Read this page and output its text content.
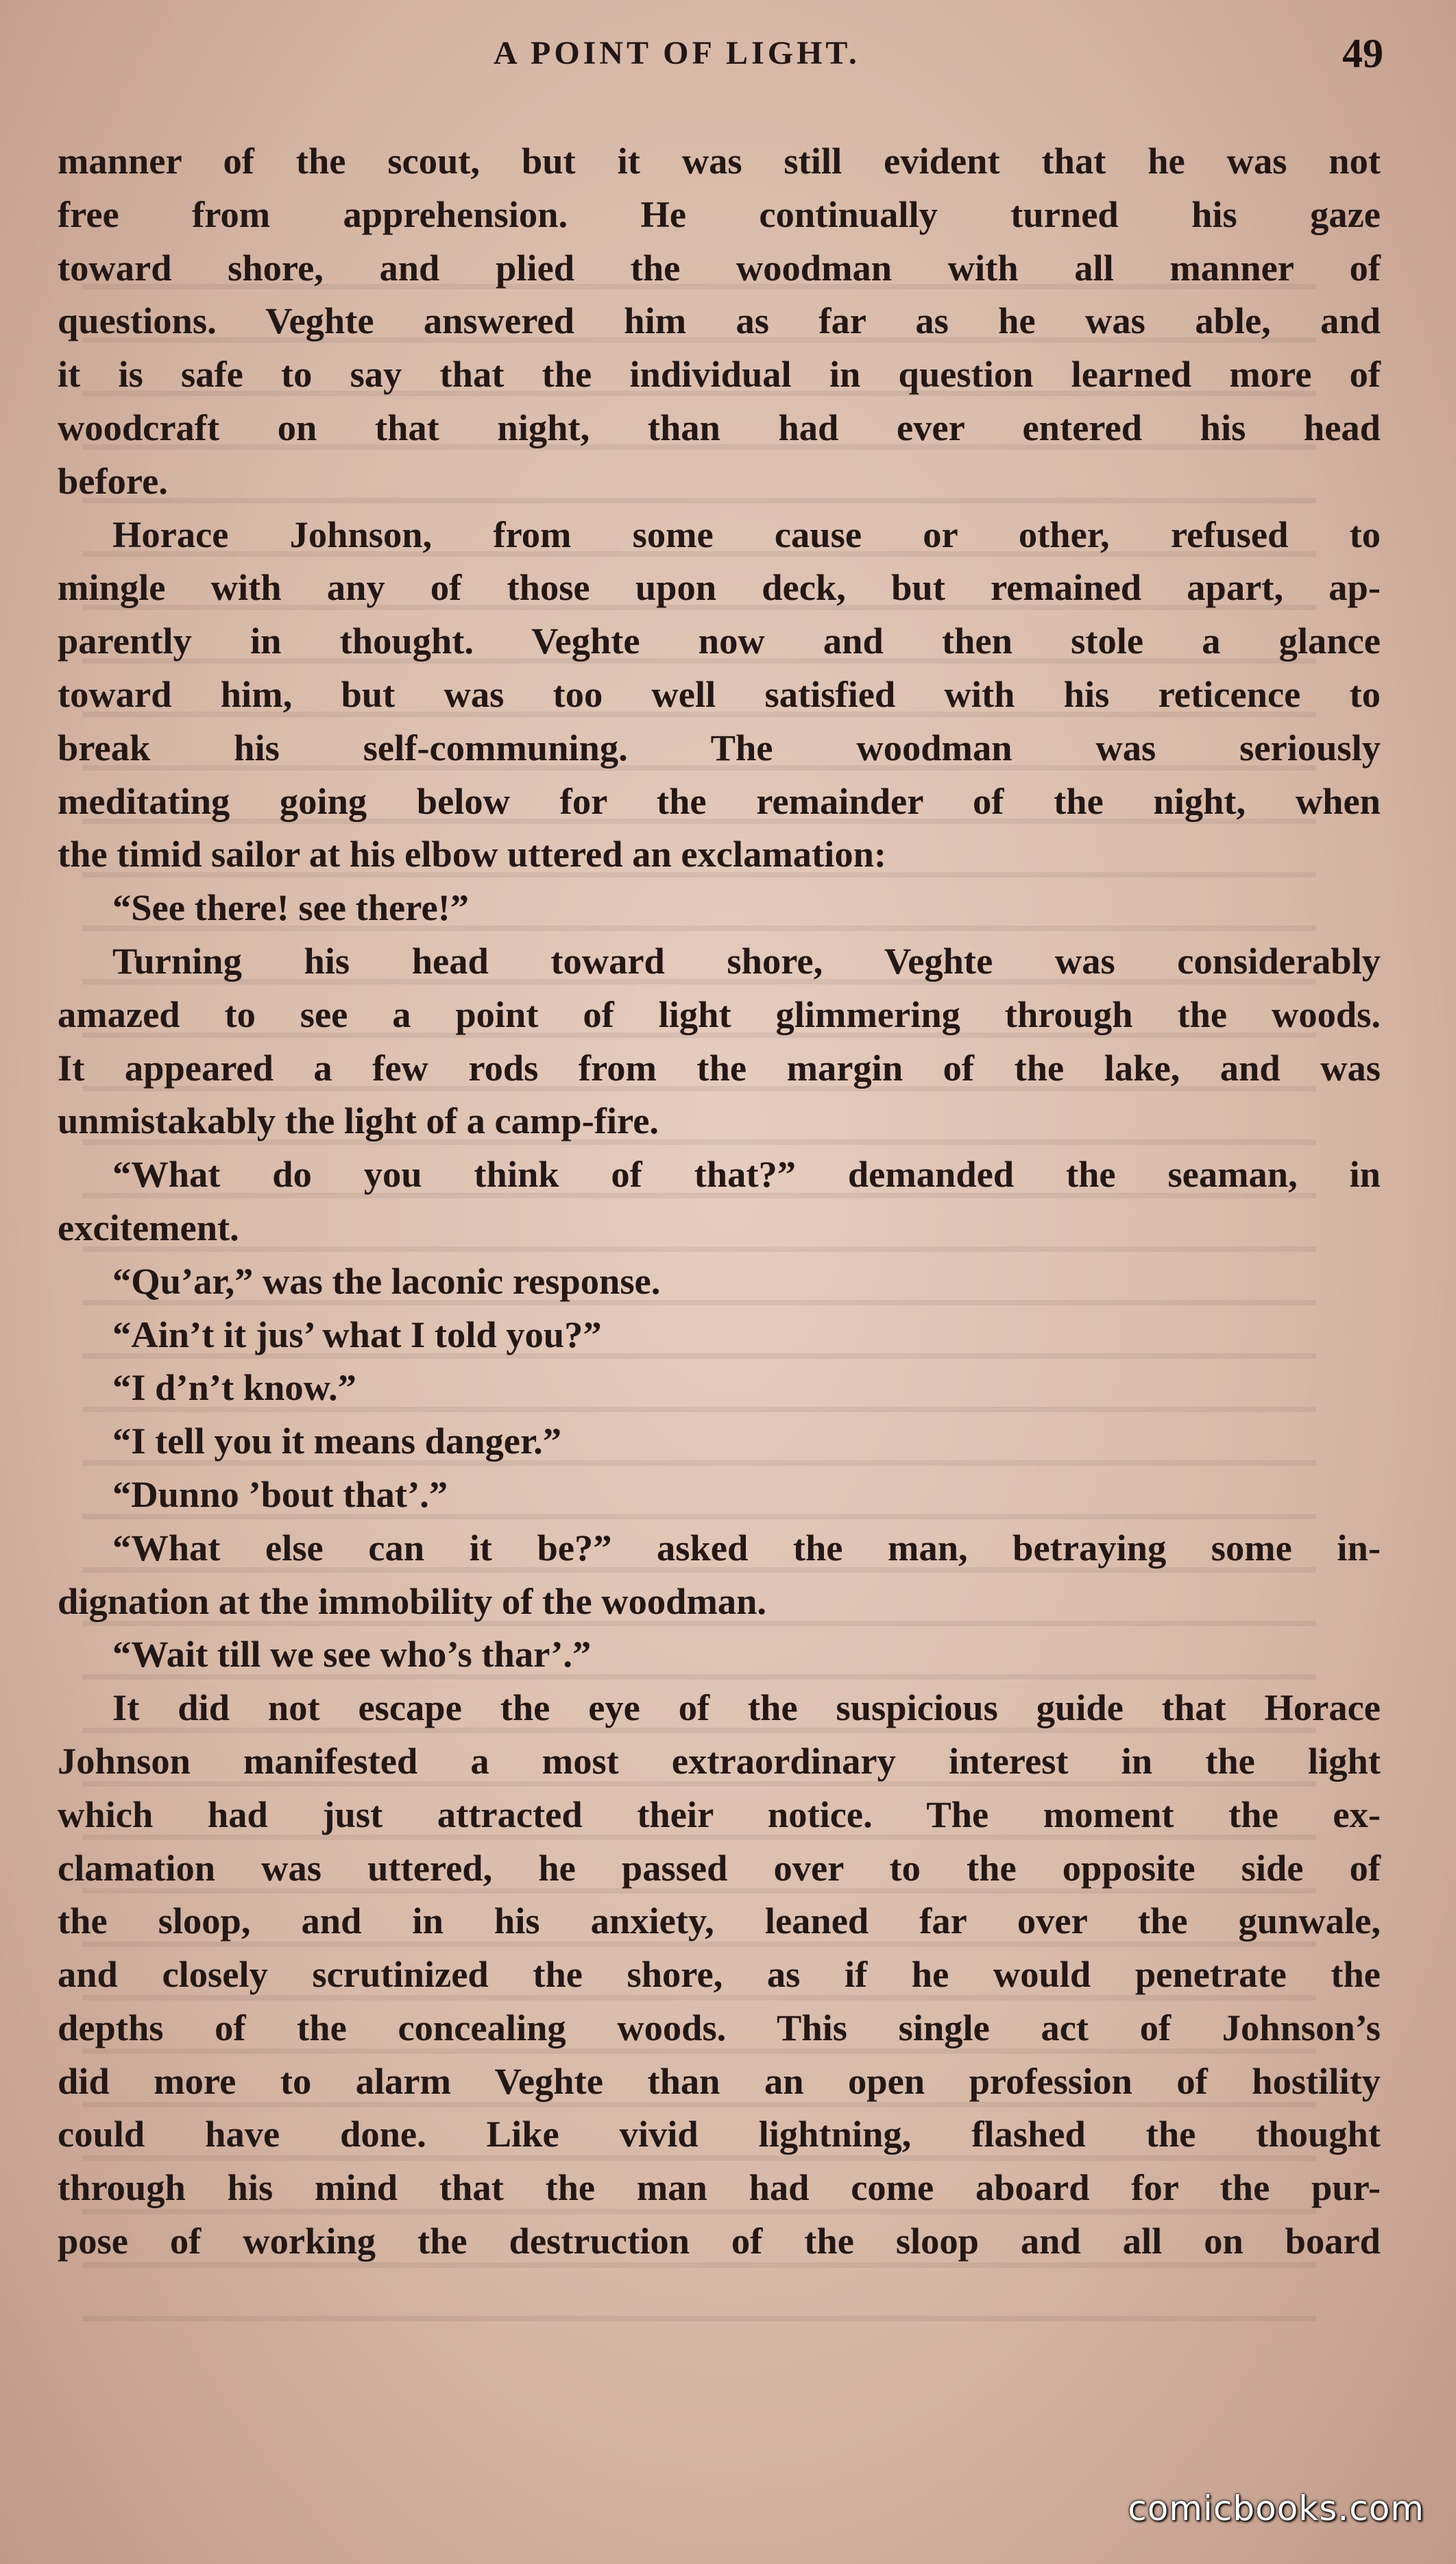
A POINT OF LIGHT.	49

manner of the scout, but it was still evident that he was not

free from apprehension. He continually turned his gaze

toward shore, and plied the woodman with all manner of

questions. Veghte answered him as far as he was able, and

it is safe to say that the individual in question learned more of

woodcraft on that night, than had ever entered his head

before.

Horace Johnson, from some cause or other, refused to

mingle with any of those upon deck, but remained apart, ap-

parently in thought. Veghte now and then stole a glance

toward him, but was too well satisfied with his reticence to

break his self-communing. The woodman was seriously

meditating going below for the remainder of the night, when

the timid sailor at his elbow uttered an exclamation:

“See there! see there!”

Turning his head toward shore, Veghte was considerably

amazed to see a point of light glimmering through the woods.

It appeared a few rods from the margin of the lake, and was

unmistakably the light of a camp-fire.

“What do you think of that?” demanded the seaman, in

excitement.

“Qu’ar,” was the laconic response.

“Ain’t it jus’ what I told you?”

“I d’n’t know.”

“I tell you it means danger.”

“Dunno ’bout that’.”

“What else can it be?” asked the man, betraying some in-

dignation at the immobility of the woodman.

“Wait till we see who’s thar’.”

It did not escape the eye of the suspicious guide that Horace

Johnson manifested a most extraordinary interest in the light

which had just attracted their notice. The moment the ex-

clamation was uttered, he passed over to the opposite side of

the sloop, and in his anxiety, leaned far over the gunwale,

and closely scrutinized the shore, as if he would penetrate the

depths of the concealing woods. This single act of Johnson’s

did more to alarm Veghte than an open profession of hostility

could have done. Like vivid lightning, flashed the thought

through his mind that the man had come aboard for the pur-

pose of working the destruction of the sloop and all on board

comicbooks.com
